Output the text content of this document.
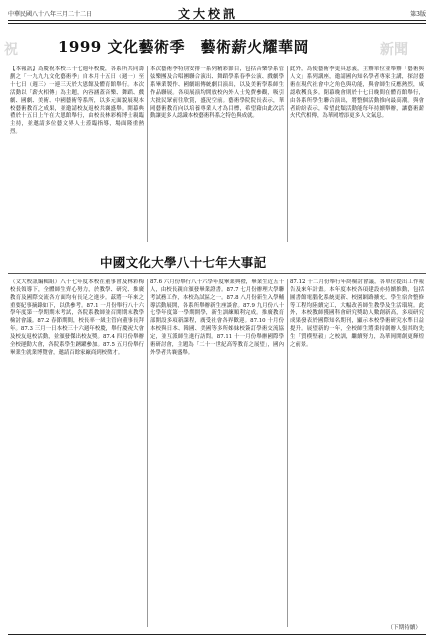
中華民國八十八年三月二十二日	文大校訊	第3版
祝	新聞
1999 文化藝術季　藝術薪火耀華岡

【本報訊】為慶祝本校三十七週年校慶，各系所共同籌劃之「一九九九文化藝術季」自本月十五日（週一）至十七日（週三）一連三天於大恩館及體育館舉行。本次活動以「薪火相傳」為主題，內容涵蓋音樂、舞蹈、戲劇、國劇、美術、中國藝術等系所，以多元面貌展現本校藝術教育之成果，並邀請校友返校共襄盛舉。開幕典禮於十五日上午在大恩館舉行，由校長林彩梅博士親臨主持，並邀請多位藝文界人士蒞臨指導，場面隆重熱烈。

本次藝術季特別安排一系列精彩節目，包括音樂學系管弦樂團及合唱團聯合演出、舞蹈學系春季公演、戲劇學系畢業製作、國劇組傳統劇目演出，以及美術學系師生作品聯展。各項展演均開放校內外人士免費參觀，吸引大批民眾前往欣賞，盛況空前。藝術學院院長表示，華岡藝術教育向以培養專業人才為目標，希望藉由此次活動讓更多人認識本校藝術科系之特色與成就。

此外，為使藝術季更具意義，主辦單位並舉辦「藝術與人文」系列講座，邀請國內知名學者專家主講，探討藝術在現代社會中之角色與功能，與會師生反應熱烈，咸認收穫良多。閉幕晚會則於十七日晚間在體育館舉行，由各系所學生聯合演出，將整個活動推向最高潮。與會者紛紛表示，希望此類活動能每年持續舉辦，讓藝術薪火代代相傳，為華岡增添更多人文氣息。

中國文化大學八十七年大事記

（文大校訊編輯組）八十七年度本校在董事會及林彩梅校長領導下，全體師生齊心努力，於教學、研究、推廣教育及國際交流各方面均有長足之進步。茲將一年來之重要紀事摘錄如下，以供參考。87.1 一月份舉行八十六學年度第一學期期末考試，各院系教師並召開期末教學檢討會議。87.2 春節期間，校長率一級主管向董事長拜年。87.3 三月一日本校三十六週年校慶，舉行慶祝大會及校友返校活動，並頒發傑出校友獎。87.4 四月份舉辦全校運動大會，各院系學生踴躍參加。87.5 五月份舉行畢業生就業博覽會，邀請百餘家廠商到校徵才。

87.6 六月份舉行八十六學年度畢業典禮，畢業生近五千人，由校長親自頒發畢業證書。87.7 七月份辦理大學聯考試務工作，本校為試區之一。87.8 八月份新生入學輔導活動展開，各系所舉辦新生座談會。87.9 九月份八十七學年度第一學期開學，新生訓練順利完成。推廣教育部開設多項新課程，廣受社會各界歡迎。87.10 十月份本校與日本、韓國、美國等多所姊妹校簽訂學術交流協定，並互派師生進行訪問。87.11 十一月份舉辦國際學術研討會，主題為「二十一世紀高等教育之展望」，國內外學者共襄盛舉。

87.12 十二月份舉行年終檢討會議，各單位提出工作報告及來年計畫。本年度本校各項建設亦持續推動，包括圖書館電腦化系統更新、校園網路擴充、學生宿舍整修等工程均陸續完工，大幅改善師生教學及生活環境。此外，本校教師獲國科會研究獎助人數創新高，多項研究成果發表於國際知名期刊，顯示本校學術研究水準日益提升。展望新的一年，全校師生將秉持創辦人張其昀先生「質樸堅毅」之校訓，繼續努力，為華岡開創更輝煌之前景。

（下期待續）
